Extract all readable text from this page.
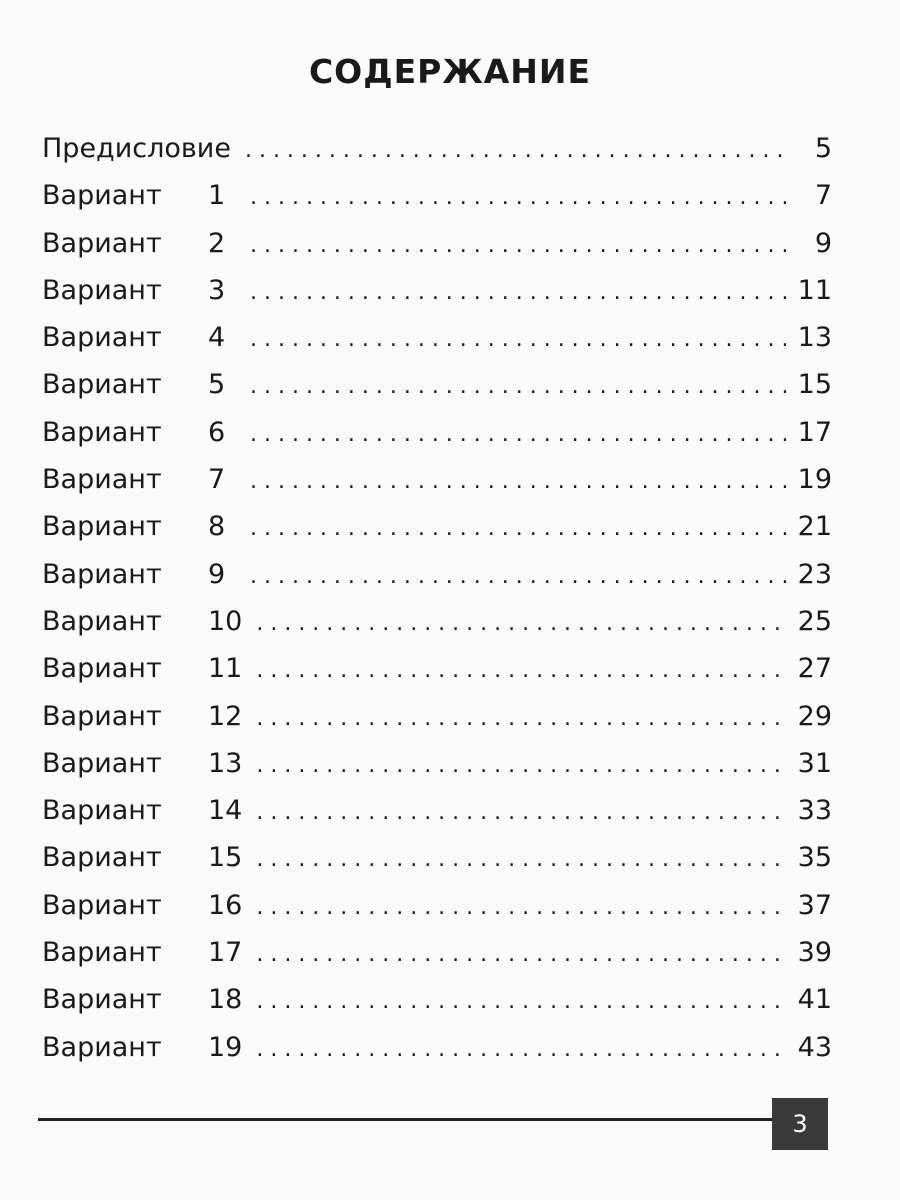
СОДЕРЖАНИЕ
Предисловие . . .	5
Вариант 1 . . .	7
Вариант 2 . . .	9
Вариант 3 . . .	11
Вариант 4 . . .	13
Вариант 5 . . .	15
Вариант 6 . . .	17
Вариант 7 . . .	19
Вариант 8 . . .	21
Вариант 9 . . .	23
Вариант 10 . . .	25
Вариант 11 . . .	27
Вариант 12 . . .	29
Вариант 13 . . .	31
Вариант 14 . . .	33
Вариант 15 . . .	35
Вариант 16 . . .	37
Вариант 17 . . .	39
Вариант 18 . . .	41
Вариант 19 . . .	43
3
